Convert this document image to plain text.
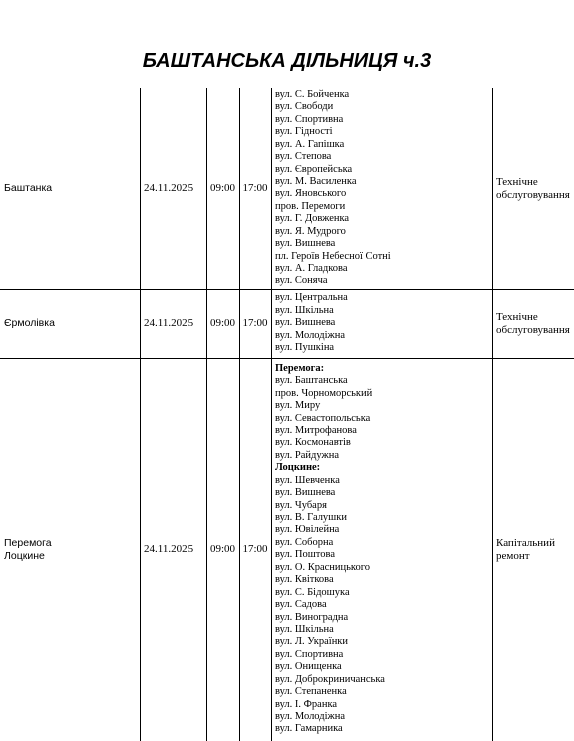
БАШТАНСЬКА ДІЛЬНИЦЯ ч.3
Баштанка	24.11.2025 09:00 17:00
Технічне
обслуговування
вул. С. Бойченка
вул. Свободи
вул. Спортивна
вул. Гідності
вул. А. Гапішка
вул. Степова
вул. Європейська
вул. М. Василенка
вул. Яновського
пров. Перемоги
вул. Г. Довженка
вул. Я. Мудрого
вул. Вишнева
пл. Героїв Небесної Сотні
вул. А. Гладкова
вул. Соняча
Єрмолівка	24.11.2025 09:00 17:00
Технічне
обслуговування
вул. Центральна
вул. Шкільна
вул. Вишнева
вул. Молодіжна
вул. Пушкіна
Перемога
Лоцкине
24.11.2025 09:00 17:00
Капітальний
ремонт
Перемога:
вул. Баштанська
пров. Чорноморський
вул. Миру
вул. Севастопольська
вул. Митрофанова
вул. Космонавтів
вул. Райдужна
Лоцкине:
вул. Шевченка
вул. Вишнева
вул. Чубаря
вул. В. Галушки
вул. Ювілейна
вул. Соборна
вул. Поштова
вул. О. Красницького
вул. Квіткова
вул. С. Бідошука
вул. Садова
вул. Виноградна
вул. Шкільна
вул. Л. Українки
вул. Спортивна
вул. Онищенка
вул. Доброкриничанська
вул. Степаненка
вул. І. Франка
вул. Молодіжна
вул. Гамарника
